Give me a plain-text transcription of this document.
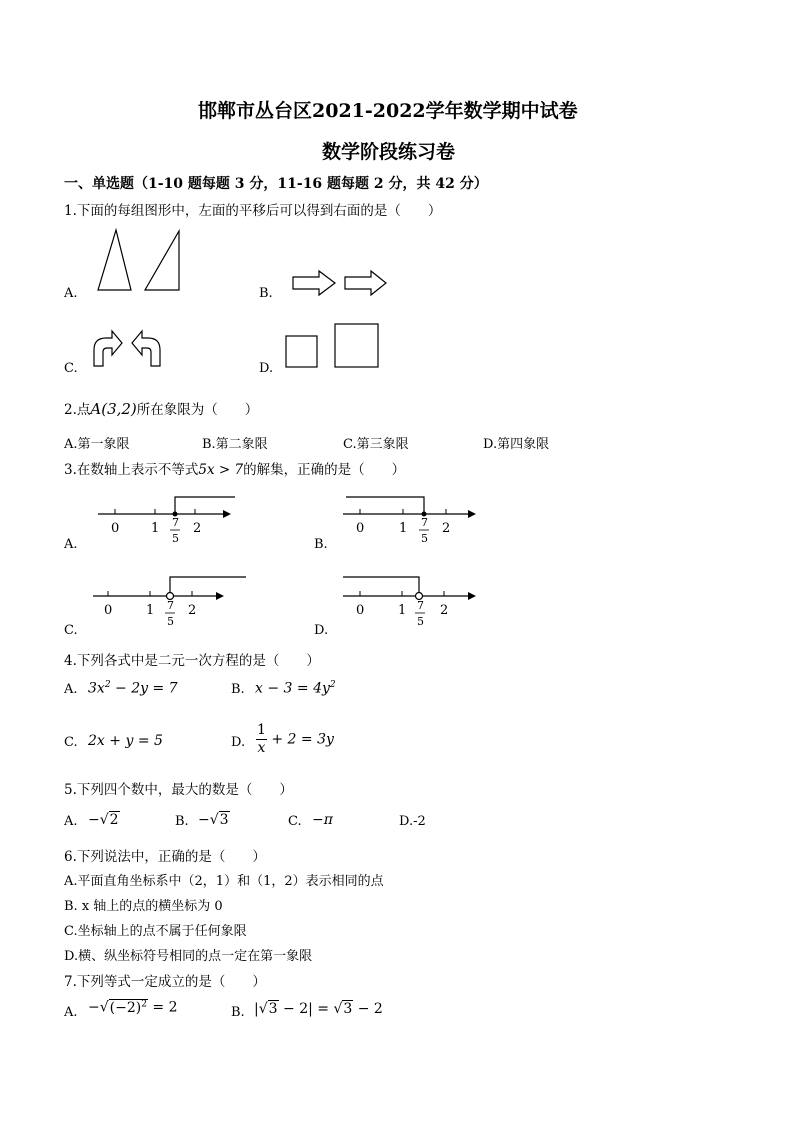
邯郸市丛台区2021-2022学年数学期中试卷
数学阶段练习卷
一、单选题（1-10 题每题 3 分，11-16 题每题 2 分，共 42 分）
1.下面的每组图形中，左面的平移后可以得到右面的是（　　）
A.	B.
C.	D.
2.点A(3,2)所在象限为（　　）
A.第一象限	B.第二象限	C.第三象限	D.第四象限
3.在数轴上表示不等式5x > 7的解集，正确的是（　　）
A.	B.
C.	D.
0 1	2
7
5
0	1	2
7
5
0	1	2
7
5
0	1	2
7
5
4.下列各式中是二元一次方程的是（　　）
A. $3x^2 - 2y = 7$	B. $x - 3 = 4y^2$
C. 2x + y = 5	D. $\frac{1}{x} + 2 = 3y$
5.下列四个数中，最大的数是（　　）
A. −√2	B. −√3	C. −π	D.-2
6.下列说法中，正确的是（　　）
A.平面直角坐标系中（2，1）和（1，2）表示相同的点
B. x 轴上的点的横坐标为 0
C.坐标轴上的点不属于任何象限
D.横、纵坐标符号相同的点一定在第一象限
7.下列等式一定成立的是（　　）
A. $-√(-2)^2 = 2$	B. |√3 − 2| = √3 − 2
